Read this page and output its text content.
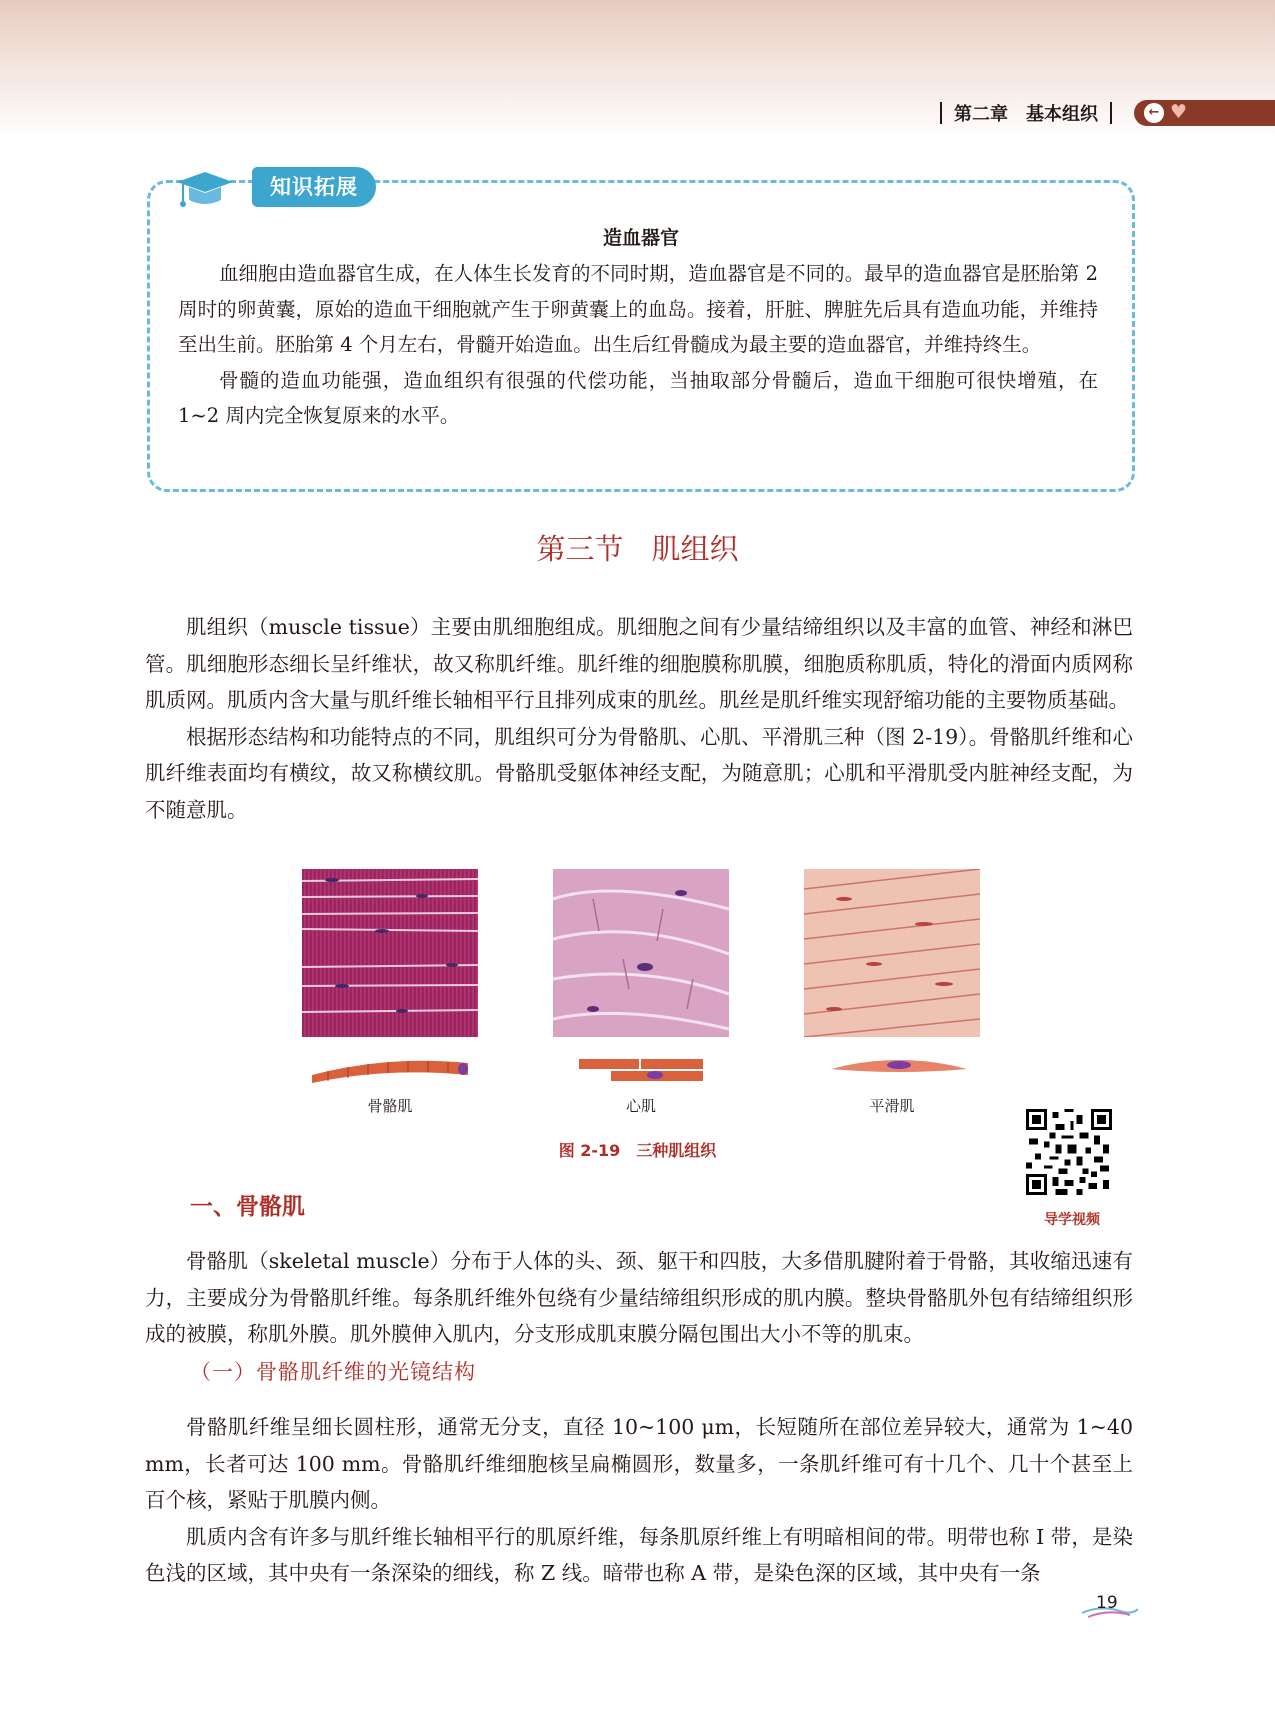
第二章 基本组织	← ♥
知识拓展
造血器官

血细胞由造血器官生成，在人体生长发育的不同时期，造血器官是不同的。最早的造血器官是胚胎第 2 周时的卵黄囊，原始的造血干细胞就产生于卵黄囊上的血岛。接着，肝脏、脾脏先后具有造血功能，并维持至出生前。胚胎第 4 个月左右，骨髓开始造血。出生后红骨髓成为最主要的造血器官，并维持终生。

骨髓的造血功能强，造血组织有很强的代偿功能，当抽取部分骨髓后，造血干细胞可很快增殖，在 1~2 周内完全恢复原来的水平。

第三节 肌组织

肌组织（muscle tissue）主要由肌细胞组成。肌细胞之间有少量结缔组织以及丰富的血管、神经和淋巴管。肌细胞形态细长呈纤维状，故又称肌纤维。肌纤维的细胞膜称肌膜，细胞质称肌质，特化的滑面内质网称肌质网。肌质内含大量与肌纤维长轴相平行且排列成束的肌丝。肌丝是肌纤维实现舒缩功能的主要物质基础。

根据形态结构和功能特点的不同，肌组织可分为骨骼肌、心肌、平滑肌三种（图 2-19）。骨骼肌纤维和心肌纤维表面均有横纹，故又称横纹肌。骨骼肌受躯体神经支配，为随意肌；心肌和平滑肌受内脏神经支配，为不随意肌。

骨骼肌	心肌	平滑肌
图 2-19　三种肌组织
导学视频
一、骨骼肌

骨骼肌（skeletal muscle）分布于人体的头、颈、躯干和四肢，大多借肌腱附着于骨骼，其收缩迅速有力，主要成分为骨骼肌纤维。每条肌纤维外包绕有少量结缔组织形成的肌内膜。整块骨骼肌外包有结缔组织形成的被膜，称肌外膜。肌外膜伸入肌内，分支形成肌束膜分隔包围出大小不等的肌束。

（一）骨骼肌纤维的光镜结构

骨骼肌纤维呈细长圆柱形，通常无分支，直径 10~100 μm，长短随所在部位差异较大，通常为 1~40 mm，长者可达 100 mm。骨骼肌纤维细胞核呈扁椭圆形，数量多，一条肌纤维可有十几个、几十个甚至上百个核，紧贴于肌膜内侧。

肌质内含有许多与肌纤维长轴相平行的肌原纤维，每条肌原纤维上有明暗相间的带。明带也称 I 带，是染色浅的区域，其中央有一条深染的细线，称 Z 线。暗带也称 A 带，是染色深的区域，其中央有一条

19
